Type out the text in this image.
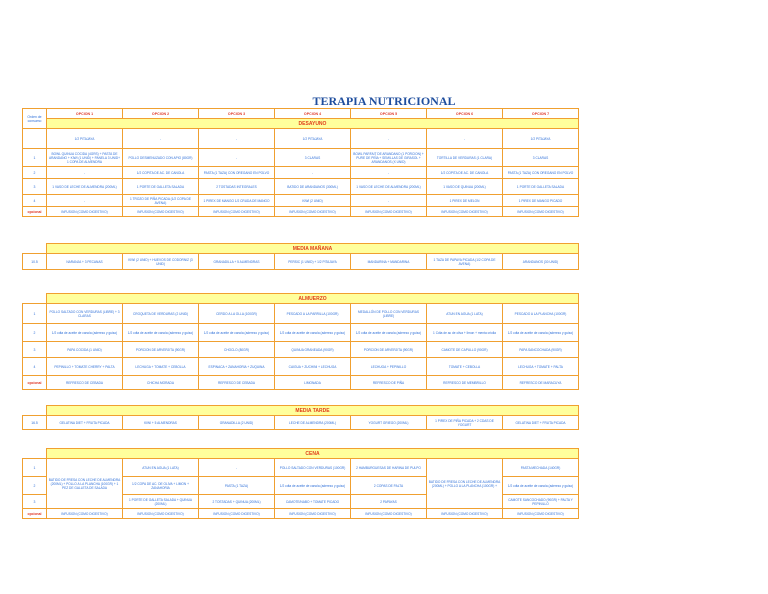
TERAPIA NUTRICIONAL
Orden de consumo	OPCION 1	OPCION 2	OPCION 3	OPCION 4	OPCION 5	OPCION 6	OPCION 7
	DESAYUNO						
	1/2 PITAJAYA	-	-	1/2 PITAJAYA	-	-	1/2 PITAJAYA
1	BOWL QUINUA COCIDA (4GRS) + PASTA DE ARANDANO + KIWI (1 UNID) + PANELA 3 UNID+ 1 COPA DE ALMENDRA	POLLO DESMENUZADO CON APIO (80GR)	-	3 CLARAS	BOWL PARFAIT DE ARANDANO (1 PORCION) + PURE DE PIÑA + SEMILLAS DE GIRASOL + ARANDANOS (X UNID)	TORTILLA DE VERDURAS (1 CLARA)	3 CLARAS
2	-	1/2 COPITA DE AC. DE CANOLA	PASTA (1 TAZA) CON OREGANO EN POLVO	-	-	1/2 COPITA DE AC. DE CANOLA	PASTA (1 TAZA) CON OREGANO EN POLVO
3	1 VASO DE LECHE DE ALMENDRA (200ML)	1 PORTE DE GALLETA SALADA	2 TOSTADAS INTEGRALES	BATIDO DE ARANDANOS (300ML)	1 VASO DE LECHE DE ALMENDRA (200ML)	1 VASO DE QUINUA (200ML)	1 PORTE DE GALLETA SALADA
4	-	1 TROZO DE PIÑA PICADA (1/2 COPA DE AVENA)	1 PIREX DE MANGO 1/2 CRUDA DE MANGO	KIWI (2 UNID)	-	1 PIREX DE MELON	1 PIREX DE MANGO PICADO
opcional	INFUSION (COMO DIGESTIVO)	INFUSION (COMO DIGESTIVO)	INFUSION (COMO DIGESTIVO)	INFUSION (COMO DIGESTIVO)	INFUSION (COMO DIGESTIVO)	INFUSION (COMO DIGESTIVO)	INFUSION (COMO DIGESTIVO)
	MEDIA MAÑANA						
10.5	NARANJA + 3 PECANAS	KIWI (2 UNID) + HUEVOS DE CODORNIZ (3 UNID)	GRANADILLA + 5 ALMENDRAS	PERSIC (1 UNID) + 1/2 PITAJAYA	MANDARINA + MANDARINA	1 TAZA DE PAPAYA PICADA (1/2 COPA DE AVENA)	ARANDANOS (30 UNID)
	ALMUERZO						
1	POLLO SALTADO CON VERDURAS (LIBRE) + 3 CLARAS	CROQUETA DE VERDURAS (2 UNID)	CERDO A LA OLLA (100GR)	PESCADO A LA PARRILLA (100GR)	MEDALLÓN DE POLLO CON VERDURAS (LIBRE)	ATUN EN AGUA (1 LATA)	PESCADO A LA PLANCHA (100GR)
2	1/2 cdta de aceite de canola (aderezo y guiso)	1/2 cdta de aceite de canola (aderezo y guiso)	1/2 cdta de aceite de canola (aderezo y guiso)	1/2 cdta de aceite de canola (aderezo y guiso)	1/2 cdta de aceite de canola (aderezo y guiso)	1 Cdta de ac de oliva + limon + menta criolla	1/2 cdta de aceite de canola (aderezo y guiso)
3	PAPA COCIDA (1 UNID)	PORCION DE ARVERJITA (90GR)	CHOCLO (80GR)	QUINUA GRANEADA (90GR)	PORCION DE ARVERJITA (90GR)	CAMOTE DE CAPULLO (90GR)	PAPA SANCOCHADA (90GR)
4	PEPINILLO + TOMATE CHERRY + PALTA	LECHUGA + TOMATE + CEBOLLA	ESPINACA + ZANAHORIA + ZUQUINA	CAIGUA + ZUCHINI + LECHUGA	LECHUGA + PEPINILLO	TOMATE + CEBOLLA	LECHUGA + TOMATE + PALTA
opcional	REFRESCO DE CEBADA	CHICHA MORADA	REFRESCO DE CEBADA	LIMONADA	REFRESCO DE PIÑA	REFRESCO DE MEMBRILLO	REFRESCO DE MARACUYA
	MEDIA TARDE						
16.5	GELATINA DIET + FRUTA PICADA	KIWI + 5 ALMENDRAS	GRANADILLA (2 UNID)	LECHE DE ALMENDRA (200ML)	YOGURT GRIEGO (200ML)	1 PIREX DE PIÑA PICADA + 2 CDAS DE YOGURT	GELATINA DIET + FRUTA PICADA
	CENA						
1	BATIDO DE FRESA CON LECHE DE ALMENDRA (200ML) + POLLO A LA PLANCHA (100GR) + 1 PEZ DE GALLETA DE SALADA	ATUN EN AGUA (1 LATA)	-	POLLO SALTADO CON VERDURAS (100GR)	2 HAMBURGUESAS DE HARINA DE PULPO	BATIDO DE FRESA CON LECHE DE ALMENDRA (200ML) + POLLO A LA PLANCHA (100GR) +	PASTA MECHADA (140GR)
2		1/2 COPA DE AC. DE OLIVA + LIMON + ZANAHORIA	PASTA (1 TAZA)	1/2 cdta de aceite de canola (aderezo y guiso)	2 COPAS DE PALTA		1/2 cdta de aceite de canola (aderezo y guiso)
3		1 PORTE DE GALLETA SALADA + QUINUA (200ML)	2 TOSTADAS + QUINUA (200ML)	CAMOTE/NABO + TOMATE PICADO	2 PAPAYAS		CAMOTE SANCOCHADO (90GR) + PALTA Y PEPINILLO
opcional	INFUSION (COMO DIGESTIVO)	INFUSION (COMO DIGESTIVO)	INFUSION (COMO DIGESTIVO)	INFUSION (COMO DIGESTIVO)	INFUSION (COMO DIGESTIVO)	INFUSION (COMO DIGESTIVO)	INFUSION (COMO DIGESTIVO)
